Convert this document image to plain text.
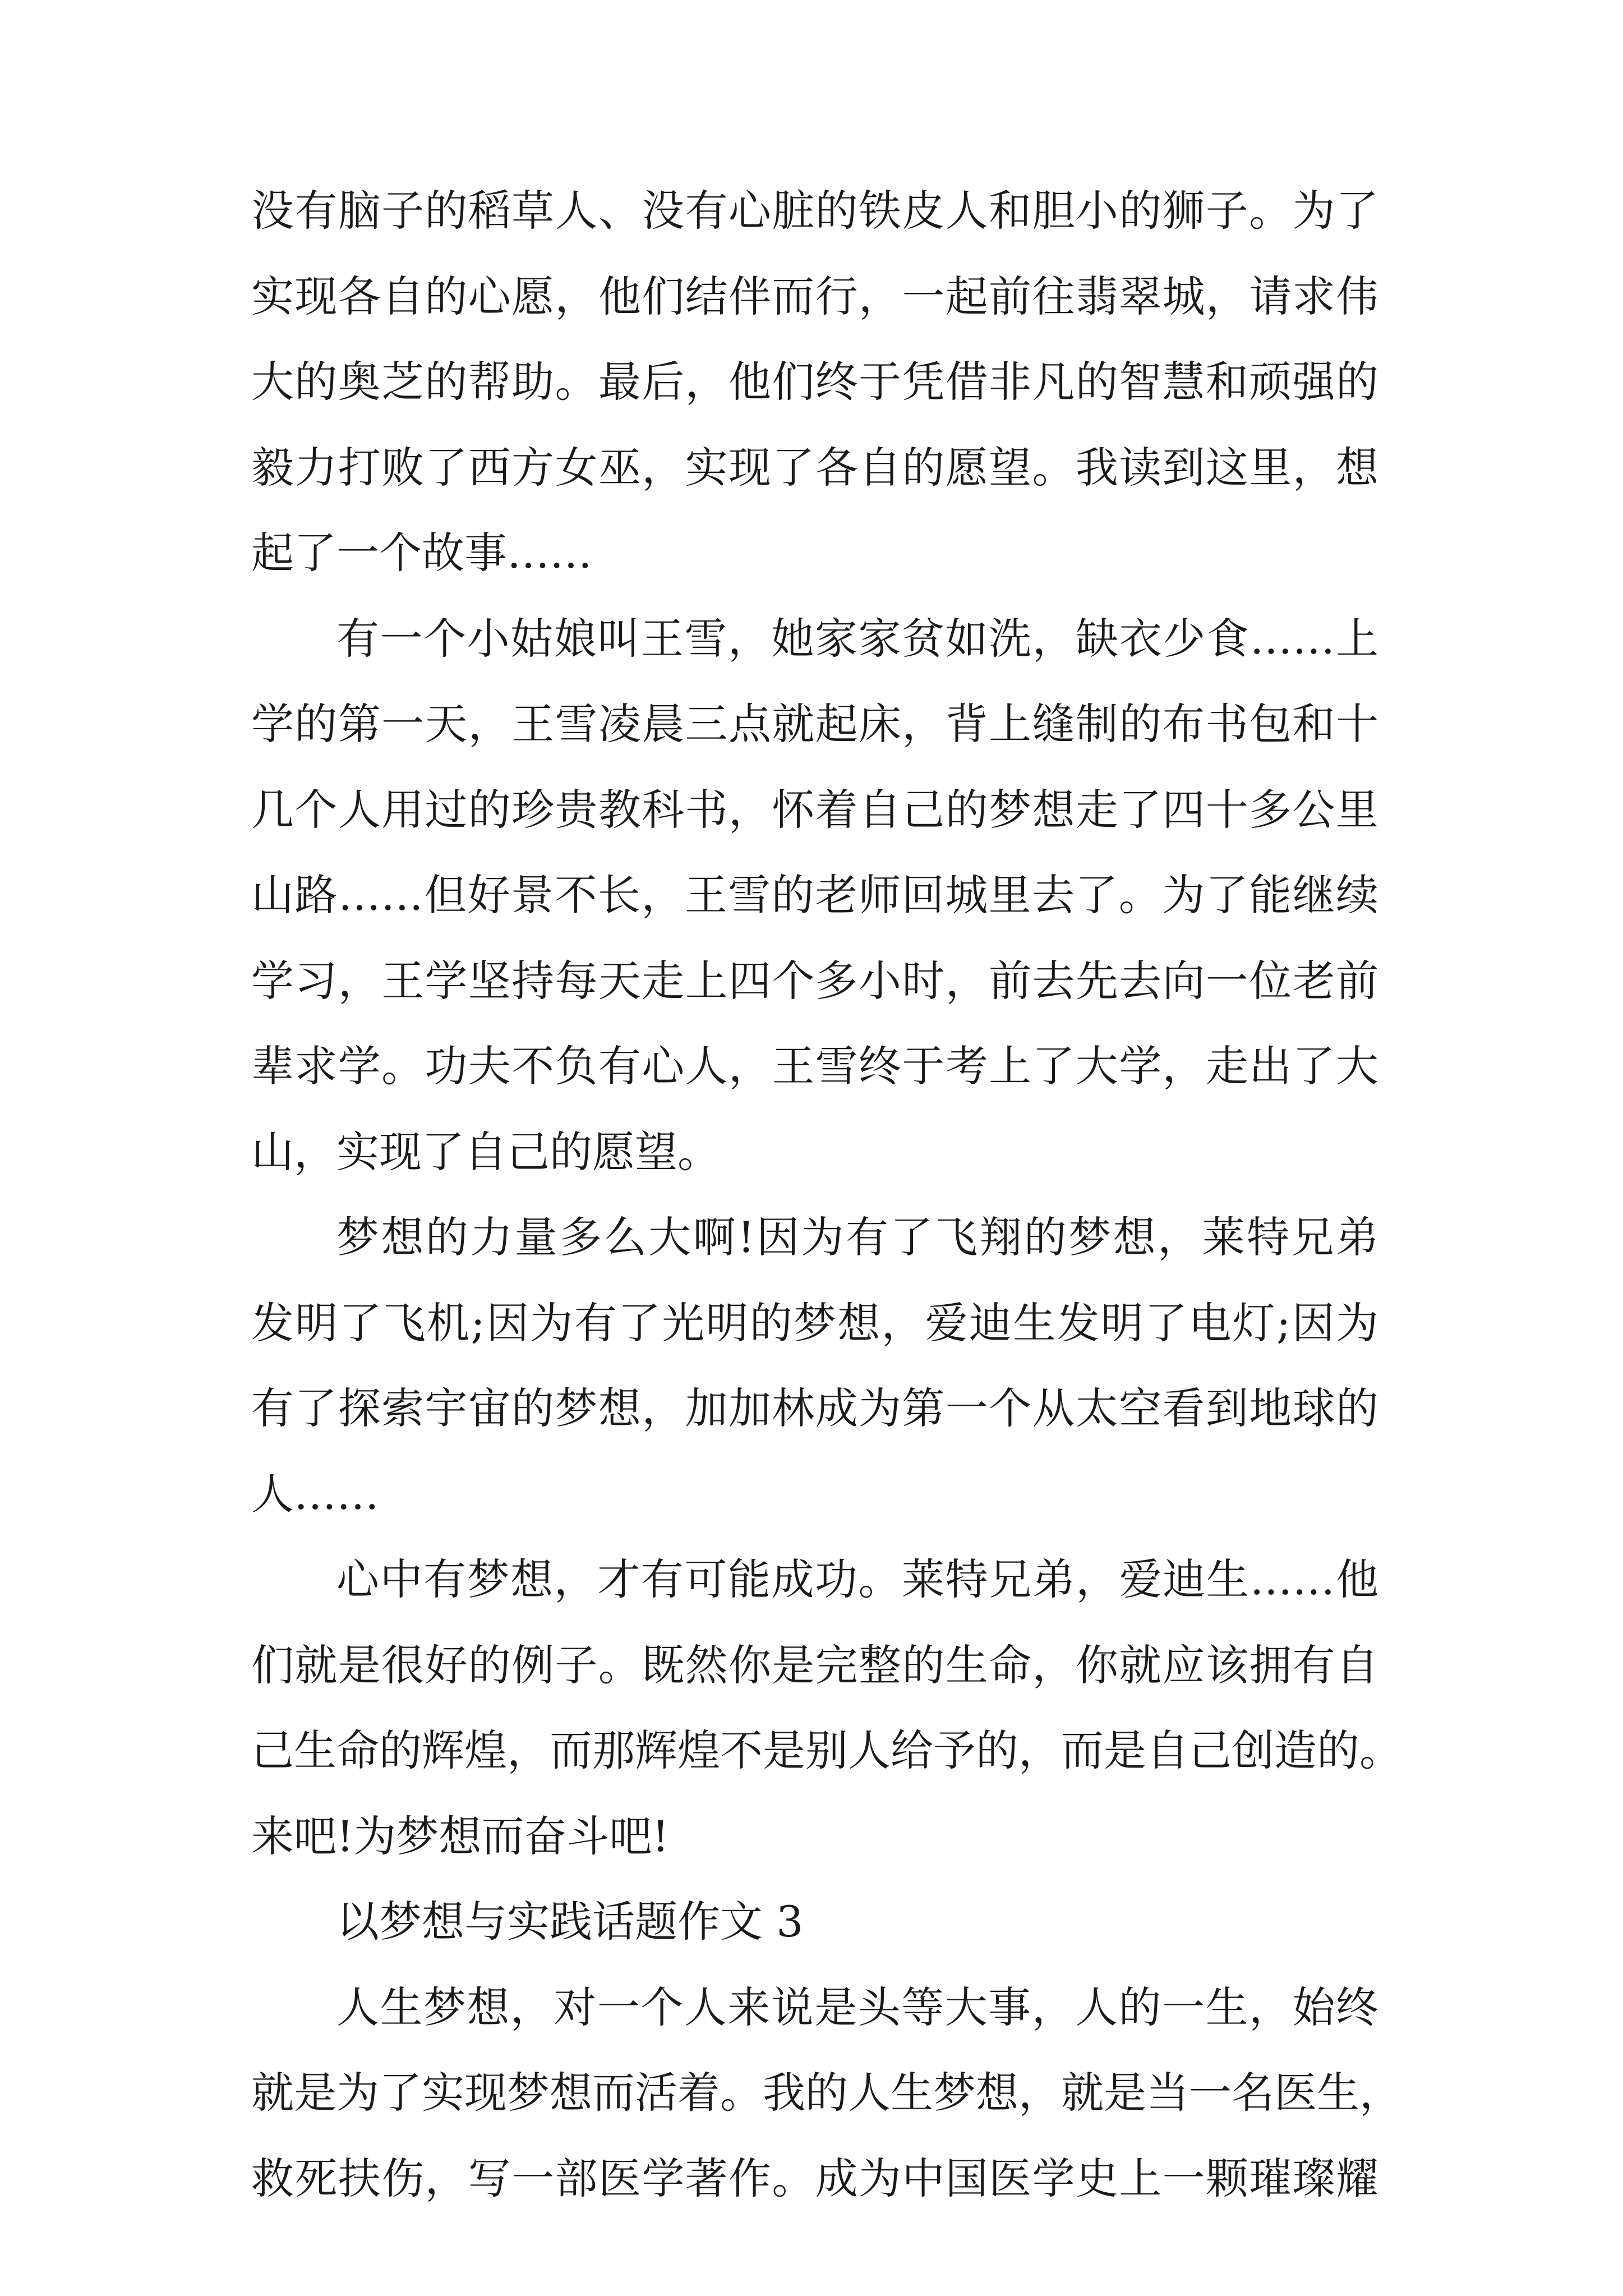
没有脑子的稻草人、没有心脏的铁皮人和胆小的狮子。为了
实现各自的心愿，他们结伴而行，一起前往翡翠城，请求伟
大的奥芝的帮助。最后，他们终于凭借非凡的智慧和顽强的
毅力打败了西方女巫，实现了各自的愿望。我读到这里，想
起了一个故事……
有一个小姑娘叫王雪，她家家贫如洗，缺衣少食……上
学的第一天，王雪凌晨三点就起床，背上缝制的布书包和十
几个人用过的珍贵教科书，怀着自己的梦想走了四十多公里
山路……但好景不长，王雪的老师回城里去了。为了能继续
学习，王学坚持每天走上四个多小时，前去先去向一位老前
辈求学。功夫不负有心人，王雪终于考上了大学，走出了大
山，实现了自己的愿望。
梦想的力量多么大啊!因为有了飞翔的梦想，莱特兄弟
发明了飞机;因为有了光明的梦想，爱迪生发明了电灯;因为
有了探索宇宙的梦想，加加林成为第一个从太空看到地球的
人……
心中有梦想，才有可能成功。莱特兄弟，爱迪生……他
们就是很好的例子。既然你是完整的生命，你就应该拥有自
己生命的辉煌，而那辉煌不是别人给予的，而是自己创造的。
来吧!为梦想而奋斗吧!
以梦想与实践话题作文 3
人生梦想，对一个人来说是头等大事，人的一生，始终
就是为了实现梦想而活着。我的人生梦想，就是当一名医生，
救死扶伤，写一部医学著作。成为中国医学史上一颗璀璨耀
